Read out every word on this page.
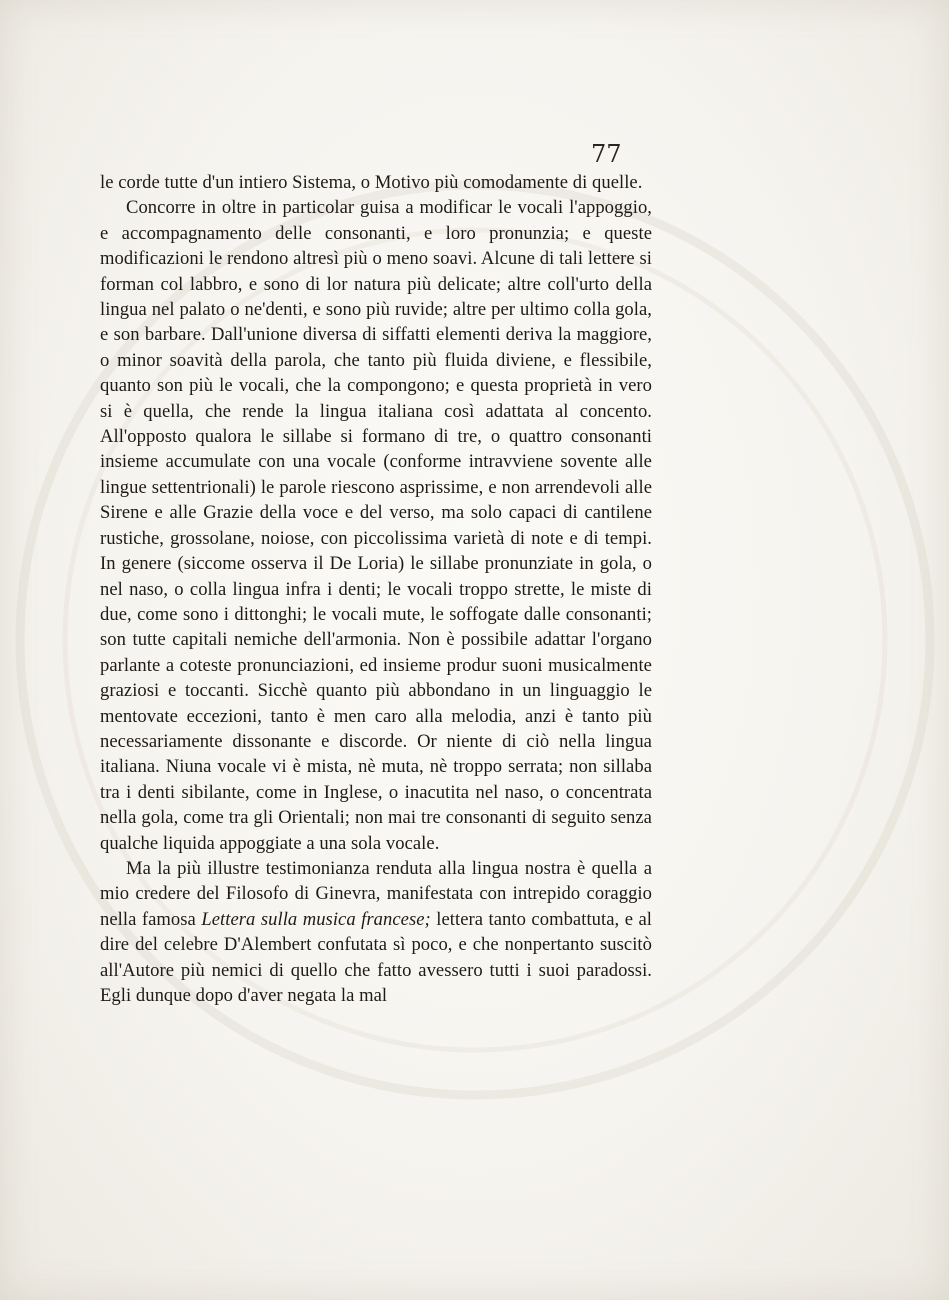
77

le corde tutte d'un intiero Sistema, o Motivo più comodamente di quelle.

Concorre in oltre in particolar guisa a modificar le vocali l'appoggio, e accompagnamento delle consonanti, e loro pronunzia; e queste modificazioni le rendono altresì più o meno soavi. Alcune di tali lettere si forman col labbro, e sono di lor natura più delicate; altre coll'urto della lingua nel palato o ne'denti, e sono più ruvide; altre per ultimo colla gola, e son barbare. Dall'unione diversa di siffatti elementi deriva la maggiore, o minor soavità della parola, che tanto più fluida diviene, e flessibile, quanto son più le vocali, che la compongono; e questa proprietà in vero si è quella, che rende la lingua italiana così adattata al concento. All'opposto qualora le sillabe si formano di tre, o quattro consonanti insieme accumulate con una vocale (conforme intravviene sovente alle lingue settentrionali) le parole riescono asprissime, e non arrendevoli alle Sirene e alle Grazie della voce e del verso, ma solo capaci di cantilene rustiche, grossolane, noiose, con piccolissima varietà di note e di tempi. In genere (siccome osserva il De Loria) le sillabe pronunziate in gola, o nel naso, o colla lingua infra i denti; le vocali troppo strette, le miste di due, come sono i dittonghi; le vocali mute, le soffogate dalle consonanti; son tutte capitali nemiche dell'armonia. Non è possibile adattar l'organo parlante a coteste pronunciazioni, ed insieme produr suoni musicalmente graziosi e toccanti. Sicchè quanto più abbondano in un linguaggio le mentovate eccezioni, tanto è men caro alla melodia, anzi è tanto più necessariamente dissonante e discorde. Or niente di ciò nella lingua italiana. Niuna vocale vi è mista, nè muta, nè troppo serrata; non sillaba tra i denti sibilante, come in Inglese, o inacutita nel naso, o concentrata nella gola, come tra gli Orientali; non mai tre consonanti di seguito senza qualche liquida appoggiate a una sola vocale.

Ma la più illustre testimonianza renduta alla lingua nostra è quella a mio credere del Filosofo di Ginevra, manifestata con intrepido coraggio nella famosa Lettera sulla musica francese; lettera tanto combattuta, e al dire del celebre D'Alembert confutata sì poco, e che nonpertanto suscitò all'Autore più nemici di quello che fatto avessero tutti i suoi paradossi. Egli dunque dopo d'aver negata la mal
